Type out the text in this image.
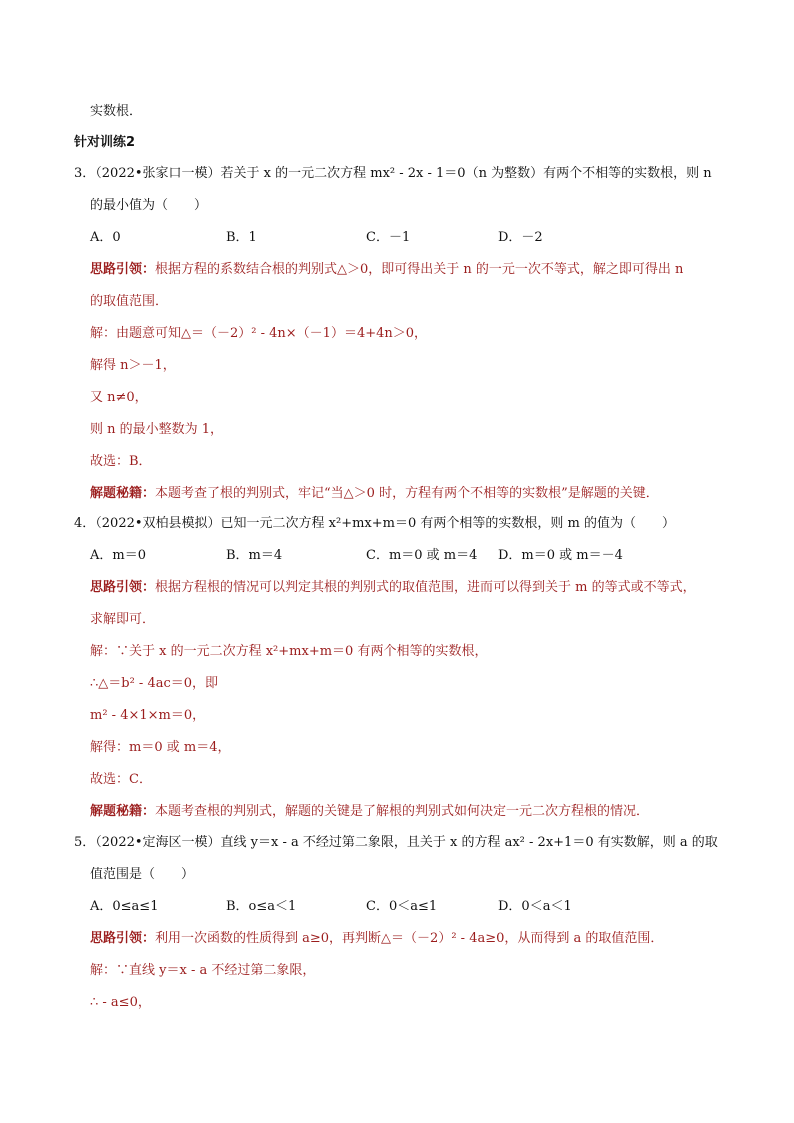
实数根．
针对训练2
3．（2022•张家口一模）若关于 x 的一元二次方程 mx² - 2x - 1＝0（n 为整数）有两个不相等的实数根，则 n
的最小值为（　　）
A．0	B．1	C．－1	D．－2
思路引领：根据方程的系数结合根的判别式△＞0，即可得出关于 n 的一元一次不等式，解之即可得出 n
的取值范围．
解：由题意可知△＝（－2）² - 4n×（－1）＝4+4n＞0，
解得 n＞－1，
又 n≠0，
则 n 的最小整数为 1，
故选：B．
解题秘籍：本题考查了根的判别式，牢记“当△＞0 时，方程有两个不相等的实数根”是解题的关键．
4．（2022•双柏县模拟）已知一元二次方程 x²+mx+m＝0 有两个相等的实数根，则 m 的值为（　　）
A．m＝0	B．m＝4	C．m＝0 或 m＝4 D．m＝0 或 m＝－4
思路引领：根据方程根的情况可以判定其根的判别式的取值范围，进而可以得到关于 m 的等式或不等式，
求解即可．
解：∵关于 x 的一元二次方程 x²+mx+m＝0 有两个相等的实数根，
∴△＝b² - 4ac＝0，即
m² - 4×1×m＝0，
解得：m＝0 或 m＝4，
故选：C．
解题秘籍：本题考查根的判别式，解题的关键是了解根的判别式如何决定一元二次方程根的情况．
5．（2022•定海区一模）直线 y＝x - a 不经过第二象限，且关于 x 的方程 ax² - 2x+1＝0 有实数解，则 a 的取
值范围是（　　）
A．0≤a≤1	B．o≤a＜1	C．0＜a≤1	D．0＜a＜1
思路引领：利用一次函数的性质得到 a≥0，再判断△＝（－2）² - 4a≥0，从而得到 a 的取值范围．
解：∵直线 y＝x - a 不经过第二象限，
∴ - a≤0，
